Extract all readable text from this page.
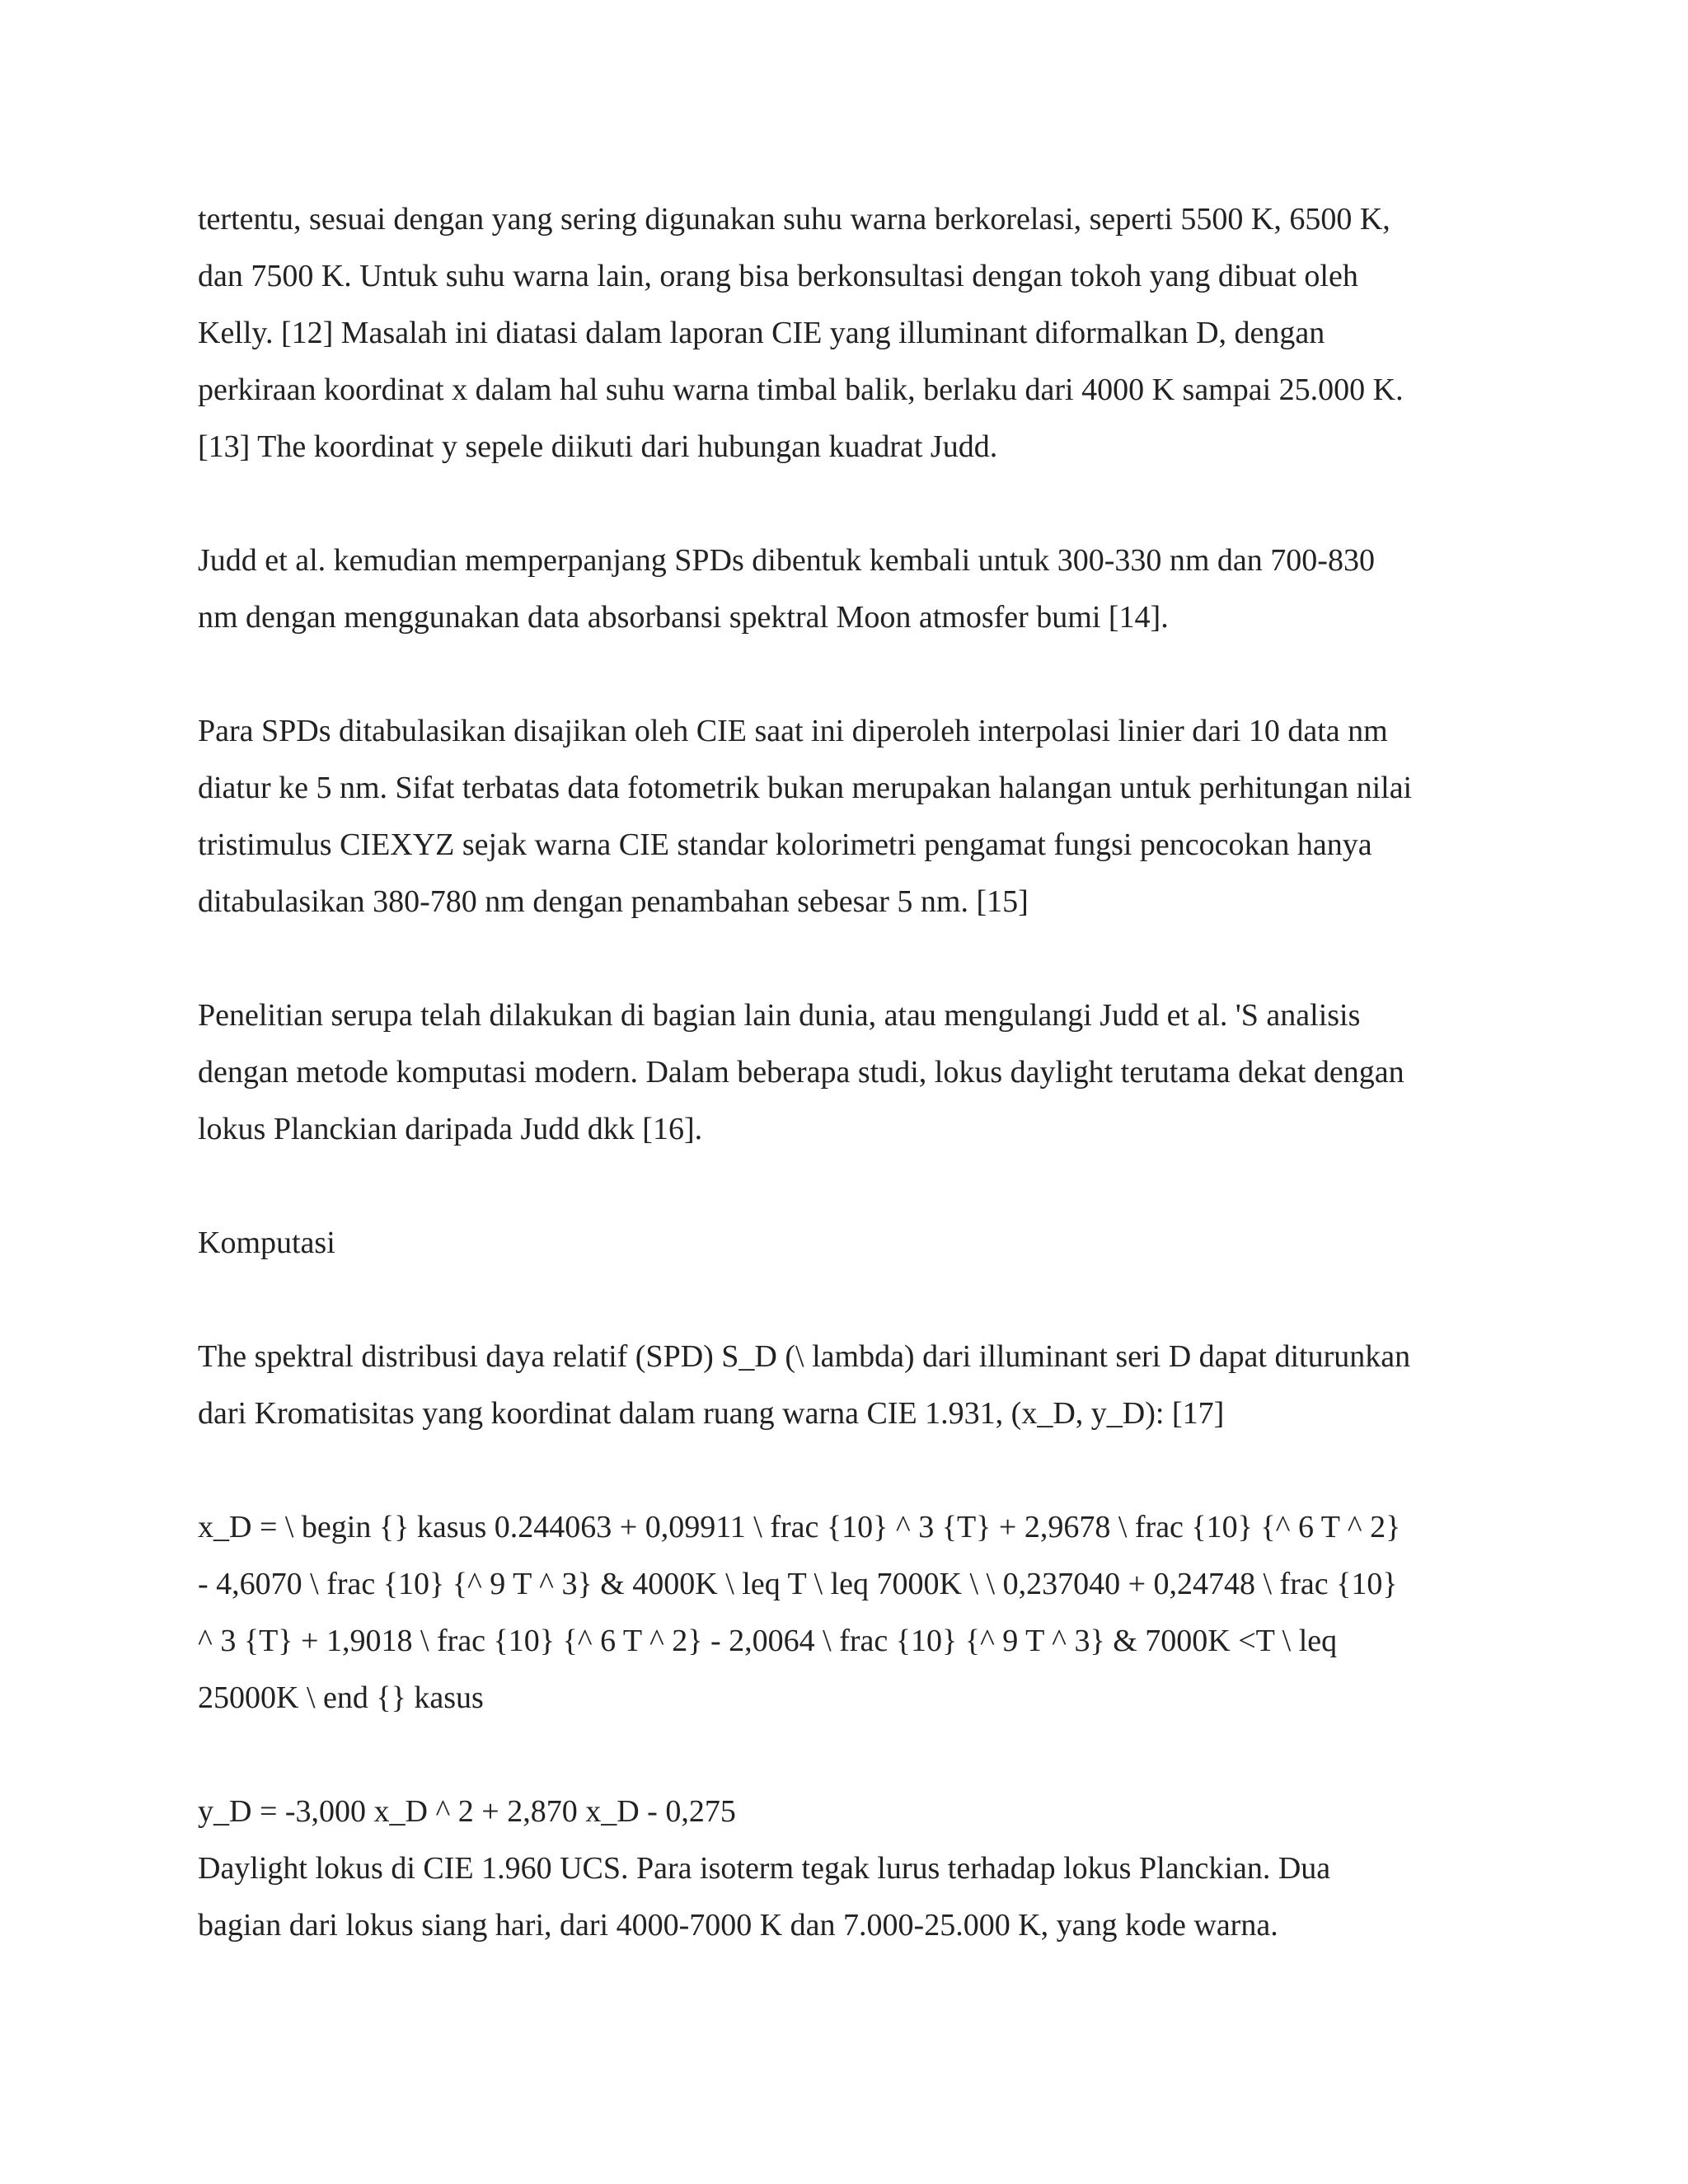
tertentu, sesuai dengan yang sering digunakan suhu warna berkorelasi, seperti 5500 K, 6500 K,
dan 7500 K. Untuk suhu warna lain, orang bisa berkonsultasi dengan tokoh yang dibuat oleh
Kelly. [12] Masalah ini diatasi dalam laporan CIE yang illuminant diformalkan D, dengan
perkiraan koordinat x dalam hal suhu warna timbal balik, berlaku dari 4000 K sampai 25.000 K.
[13] The koordinat y sepele diikuti dari hubungan kuadrat Judd.

Judd et al. kemudian memperpanjang SPDs dibentuk kembali untuk 300-330 nm dan 700-830
nm dengan menggunakan data absorbansi spektral Moon atmosfer bumi [14].

Para SPDs ditabulasikan disajikan oleh CIE saat ini diperoleh interpolasi linier dari 10 data nm
diatur ke 5 nm. Sifat terbatas data fotometrik bukan merupakan halangan untuk perhitungan nilai
tristimulus CIEXYZ sejak warna CIE standar kolorimetri pengamat fungsi pencocokan hanya
ditabulasikan 380-780 nm dengan penambahan sebesar 5 nm. [15]

Penelitian serupa telah dilakukan di bagian lain dunia, atau mengulangi Judd et al. 'S analisis
dengan metode komputasi modern. Dalam beberapa studi, lokus daylight terutama dekat dengan
lokus Planckian daripada Judd dkk [16].

Komputasi

The spektral distribusi daya relatif (SPD) S_D (\ lambda) dari illuminant seri D dapat diturunkan
dari Kromatisitas yang koordinat dalam ruang warna CIE 1.931, (x_D, y_D): [17]

x_D = \ begin {} kasus 0.244063 + 0,09911 \ frac {10} ^ 3 {T} + 2,9678 \ frac {10} {^ 6 T ^ 2}
- 4,6070 \ frac {10} {^ 9 T ^ 3} & 4000K \ leq T \ leq 7000K \ \ 0,237040 + 0,24748 \ frac {10}
^ 3 {T} + 1,9018 \ frac {10} {^ 6 T ^ 2} - 2,0064 \ frac {10} {^ 9 T ^ 3} & 7000K <T \ leq
25000K \ end {} kasus

y_D = -3,000 x_D ^ 2 + 2,870 x_D - 0,275

Daylight lokus di CIE 1.960 UCS. Para isoterm tegak lurus terhadap lokus Planckian. Dua
bagian dari lokus siang hari, dari 4000-7000 K dan 7.000-25.000 K, yang kode warna.
